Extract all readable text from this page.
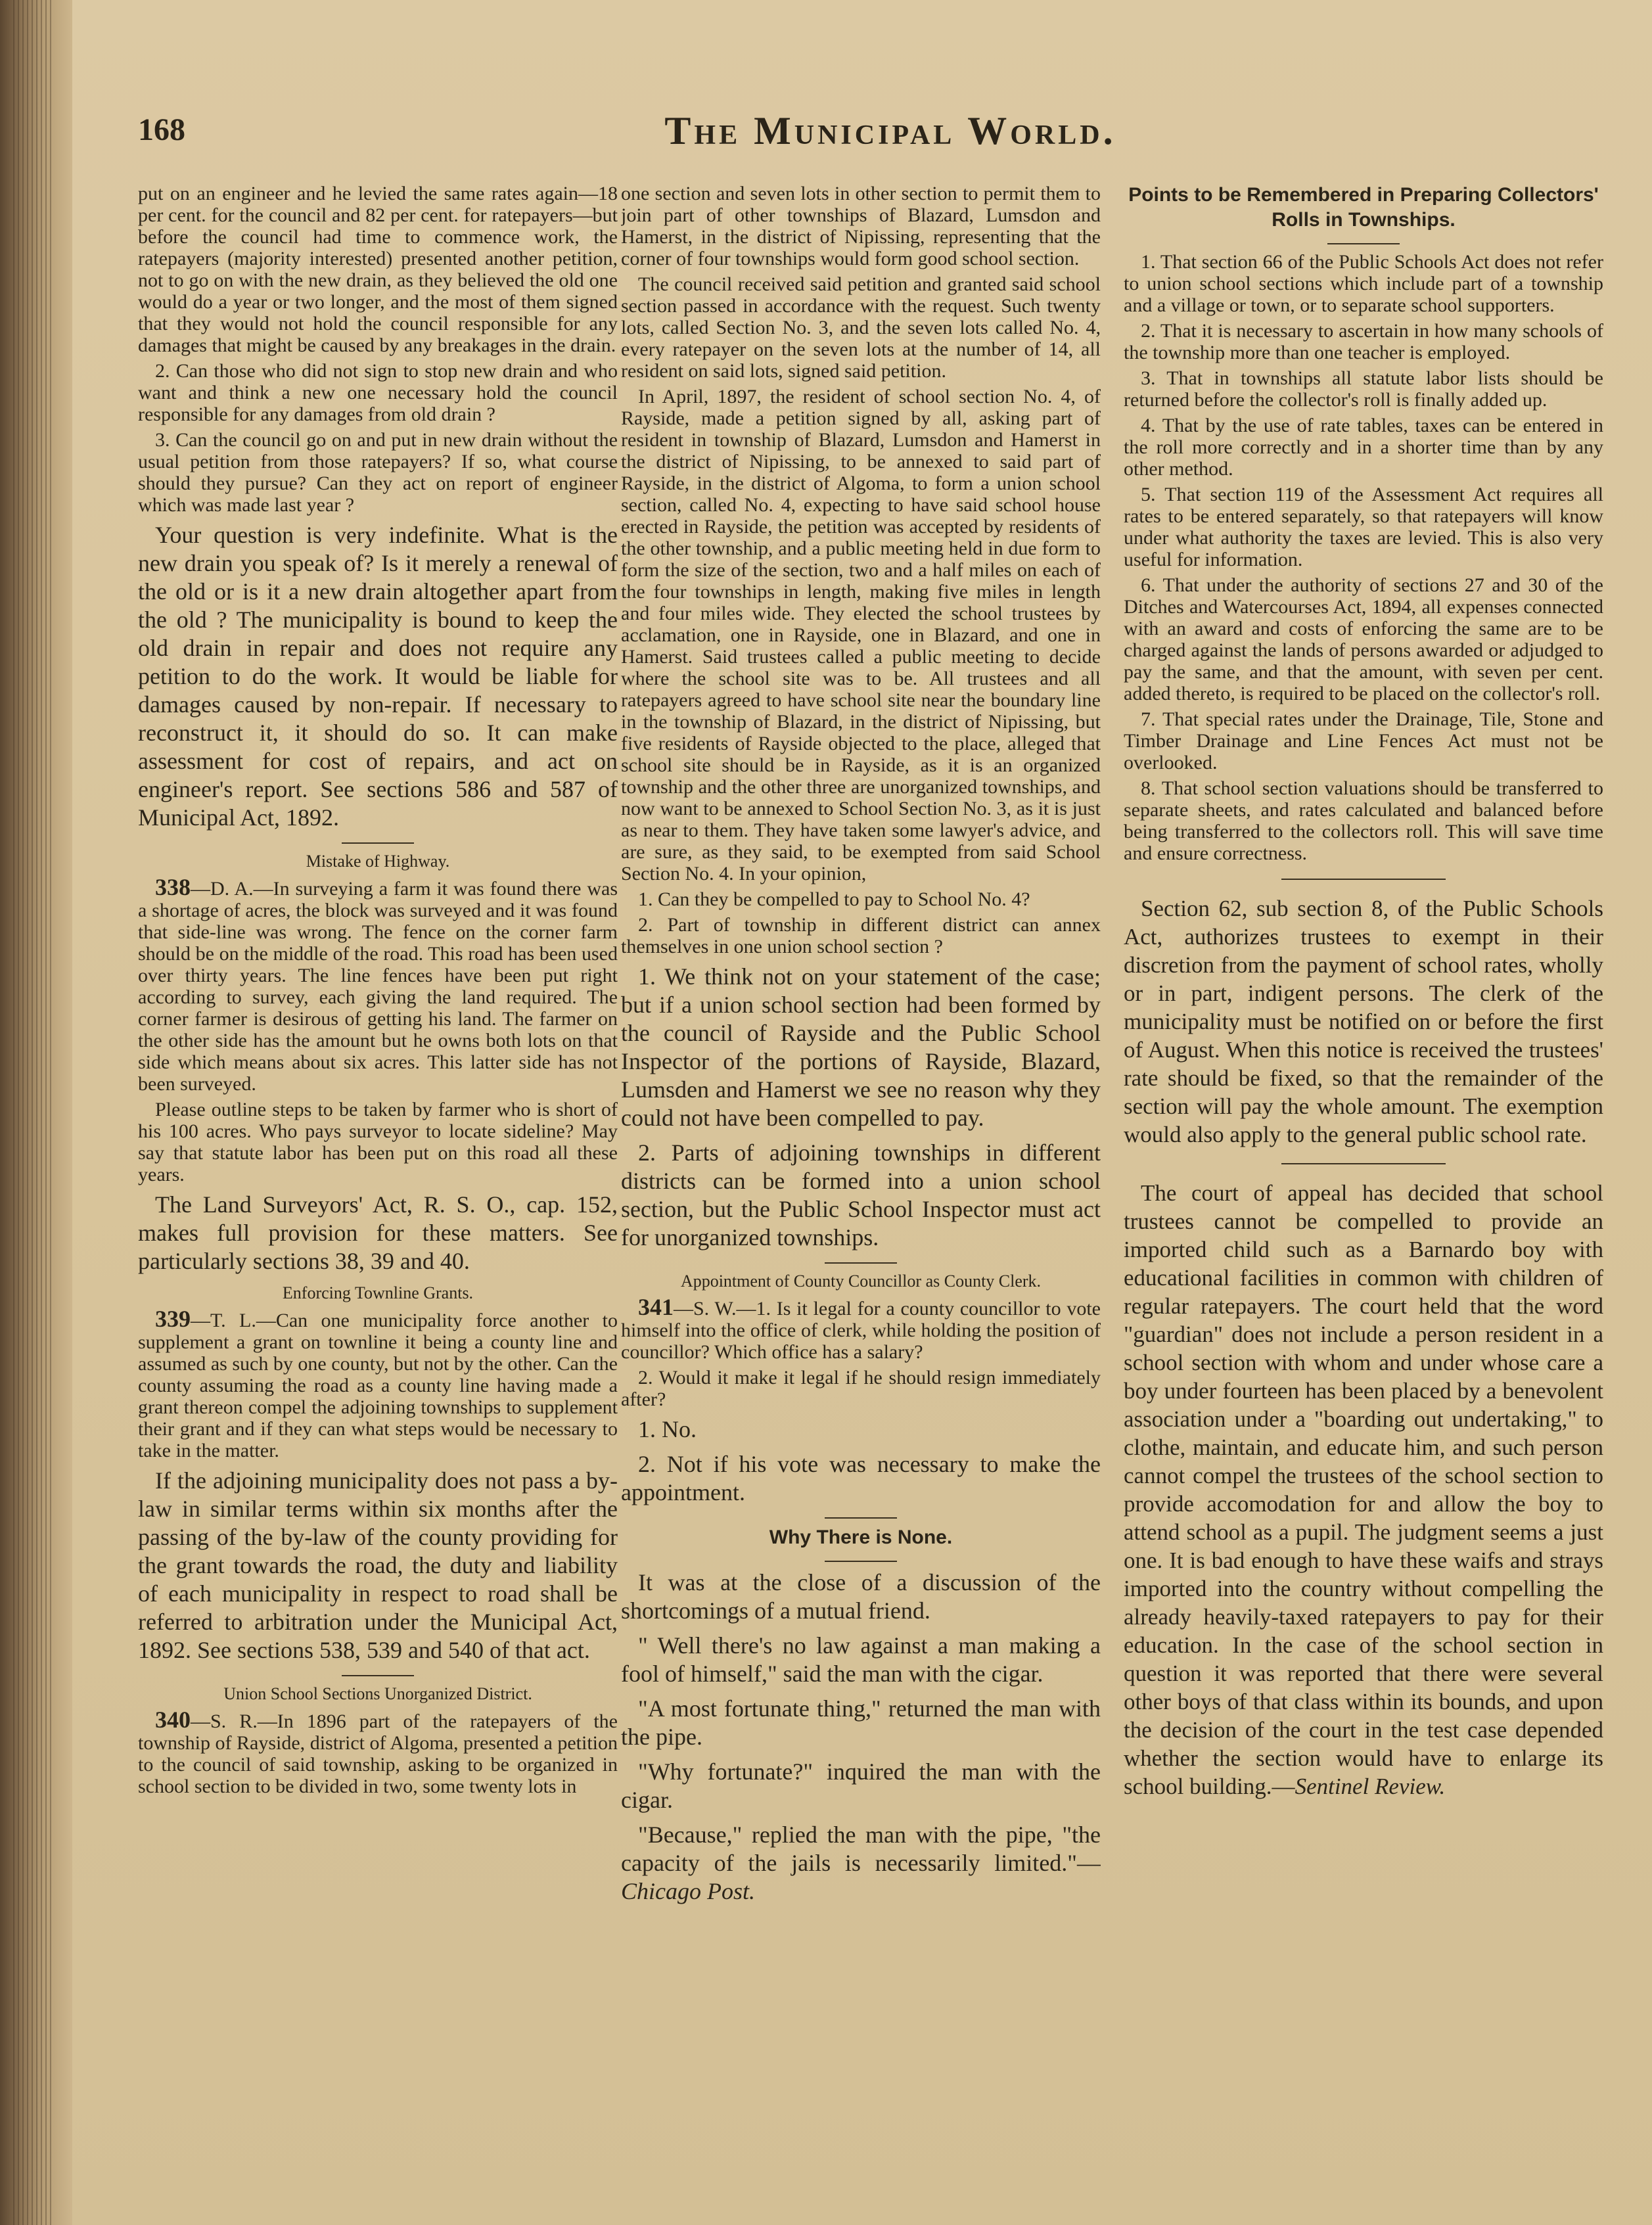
168	The Municipal World.

put on an engineer and he levied the same rates again—18 per cent. for the council and 82 per cent. for ratepayers—but before the council had time to commence work, the ratepayers (majority interested) presented another petition, not to go on with the new drain, as they believed the old one would do a year or two longer, and the most of them signed that they would not hold the council responsible for any damages that might be caused by any breakages in the drain.

2. Can those who did not sign to stop new drain and who want and think a new one necessary hold the council responsible for any damages from old drain ?

3. Can the council go on and put in new drain without the usual petition from those ratepayers? If so, what course should they pursue? Can they act on report of engineer which was made last year ?

Your question is very indefinite. What is the new drain you speak of? Is it merely a renewal of the old or is it a new drain altogether apart from the old ? The municipality is bound to keep the old drain in repair and does not require any petition to do the work. It would be liable for damages caused by non-repair. If necessary to reconstruct it, it should do so. It can make assessment for cost of repairs, and act on engineer's report. See sections 586 and 587 of Municipal Act, 1892.

Mistake of Highway.

338—D. A.—In surveying a farm it was found there was a shortage of acres, the block was surveyed and it was found that side-line was wrong. The fence on the corner farm should be on the middle of the road. This road has been used over thirty years. The line fences have been put right according to survey, each giving the land required. The corner farmer is desirous of getting his land. The farmer on the other side has the amount but he owns both lots on that side which means about six acres. This latter side has not been surveyed.

Please outline steps to be taken by farmer who is short of his 100 acres. Who pays surveyor to locate sideline? May say that statute labor has been put on this road all these years.

The Land Surveyors' Act, R. S. O., cap. 152, makes full provision for these matters. See particularly sections 38, 39 and 40.

Enforcing Townline Grants.

339—T. L.—Can one municipality force another to supplement a grant on townline it being a county line and assumed as such by one county, but not by the other. Can the county assuming the road as a county line having made a grant thereon compel the adjoining townships to supplement their grant and if they can what steps would be necessary to take in the matter.

If the adjoining municipality does not pass a by-law in similar terms within six months after the passing of the by-law of the county providing for the grant towards the road, the duty and liability of each municipality in respect to road shall be referred to arbitration under the Municipal Act, 1892. See sections 538, 539 and 540 of that act.

Union School Sections Unorganized District.

340—S. R.—In 1896 part of the ratepayers of the township of Rayside, district of Algoma, presented a petition to the council of said township, asking to be organized in school section to be divided in two, some twenty lots in

one section and seven lots in other section to permit them to join part of other townships of Blazard, Lumsdon and Hamerst, in the district of Nipissing, representing that the corner of four townships would form good school section.

The council received said petition and granted said school section passed in accordance with the request. Such twenty lots, called Section No. 3, and the seven lots called No. 4, every ratepayer on the seven lots at the number of 14, all resident on said lots, signed said petition.

In April, 1897, the resident of school section No. 4, of Rayside, made a petition signed by all, asking part of resident in township of Blazard, Lumsdon and Hamerst in the district of Nipissing, to be annexed to said part of Rayside, in the district of Algoma, to form a union school section, called No. 4, expecting to have said school house erected in Rayside, the petition was accepted by residents of the other township, and a public meeting held in due form to form the size of the section, two and a half miles on each of the four townships in length, making five miles in length and four miles wide. They elected the school trustees by acclamation, one in Rayside, one in Blazard, and one in Hamerst. Said trustees called a public meeting to decide where the school site was to be. All trustees and all ratepayers agreed to have school site near the boundary line in the township of Blazard, in the district of Nipissing, but five residents of Rayside objected to the place, alleged that school site should be in Rayside, as it is an organized township and the other three are unorganized townships, and now want to be annexed to School Section No. 3, as it is just as near to them. They have taken some lawyer's advice, and are sure, as they said, to be exempted from said School Section No. 4. In your opinion,

1. Can they be compelled to pay to School No. 4?

2. Part of township in different district can annex themselves in one union school section ?

1. We think not on your statement of the case; but if a union school section had been formed by the council of Rayside and the Public School Inspector of the portions of Rayside, Blazard, Lumsden and Hamerst we see no reason why they could not have been compelled to pay.

2. Parts of adjoining townships in different districts can be formed into a union school section, but the Public School Inspector must act for unorganized townships.

Appointment of County Councillor as County Clerk.

341—S. W.—1. Is it legal for a county councillor to vote himself into the office of clerk, while holding the position of councillor? Which office has a salary?

2. Would it make it legal if he should resign immediately after?

1. No.

2. Not if his vote was necessary to make the appointment.

Why There is None.

It was at the close of a discussion of the shortcomings of a mutual friend.

" Well there's no law against a man making a fool of himself," said the man with the cigar.

"A most fortunate thing," returned the man with the pipe.

"Why fortunate?" inquired the man with the cigar.

"Because," replied the man with the pipe, "the capacity of the jails is necessarily limited."—Chicago Post.

Points to be Remembered in Preparing Collectors' Rolls in Townships.

1. That section 66 of the Public Schools Act does not refer to union school sections which include part of a township and a village or town, or to separate school supporters.

2. That it is necessary to ascertain in how many schools of the township more than one teacher is employed.

3. That in townships all statute labor lists should be returned before the collector's roll is finally added up.

4. That by the use of rate tables, taxes can be entered in the roll more correctly and in a shorter time than by any other method.

5. That section 119 of the Assessment Act requires all rates to be entered separately, so that ratepayers will know under what authority the taxes are levied. This is also very useful for information.

6. That under the authority of sections 27 and 30 of the Ditches and Watercourses Act, 1894, all expenses connected with an award and costs of enforcing the same are to be charged against the lands of persons awarded or adjudged to pay the same, and that the amount, with seven per cent. added thereto, is required to be placed on the collector's roll.

7. That special rates under the Drainage, Tile, Stone and Timber Drainage and Line Fences Act must not be overlooked.

8. That school section valuations should be transferred to separate sheets, and rates calculated and balanced before being transferred to the collectors roll. This will save time and ensure correctness.

Section 62, sub section 8, of the Public Schools Act, authorizes trustees to exempt in their discretion from the payment of school rates, wholly or in part, indigent persons. The clerk of the municipality must be notified on or before the first of August. When this notice is received the trustees' rate should be fixed, so that the remainder of the section will pay the whole amount. The exemption would also apply to the general public school rate.

The court of appeal has decided that school trustees cannot be compelled to provide an imported child such as a Barnardo boy with educational facilities in common with children of regular ratepayers. The court held that the word "guardian" does not include a person resident in a school section with whom and under whose care a boy under fourteen has been placed by a benevolent association under a "boarding out undertaking," to clothe, maintain, and educate him, and such person cannot compel the trustees of the school section to provide accomodation for and allow the boy to attend school as a pupil. The judgment seems a just one. It is bad enough to have these waifs and strays imported into the country without compelling the already heavily-taxed ratepayers to pay for their education. In the case of the school section in question it was reported that there were several other boys of that class within its bounds, and upon the decision of the court in the test case depended whether the section would have to enlarge its school building.—Sentinel Review.
